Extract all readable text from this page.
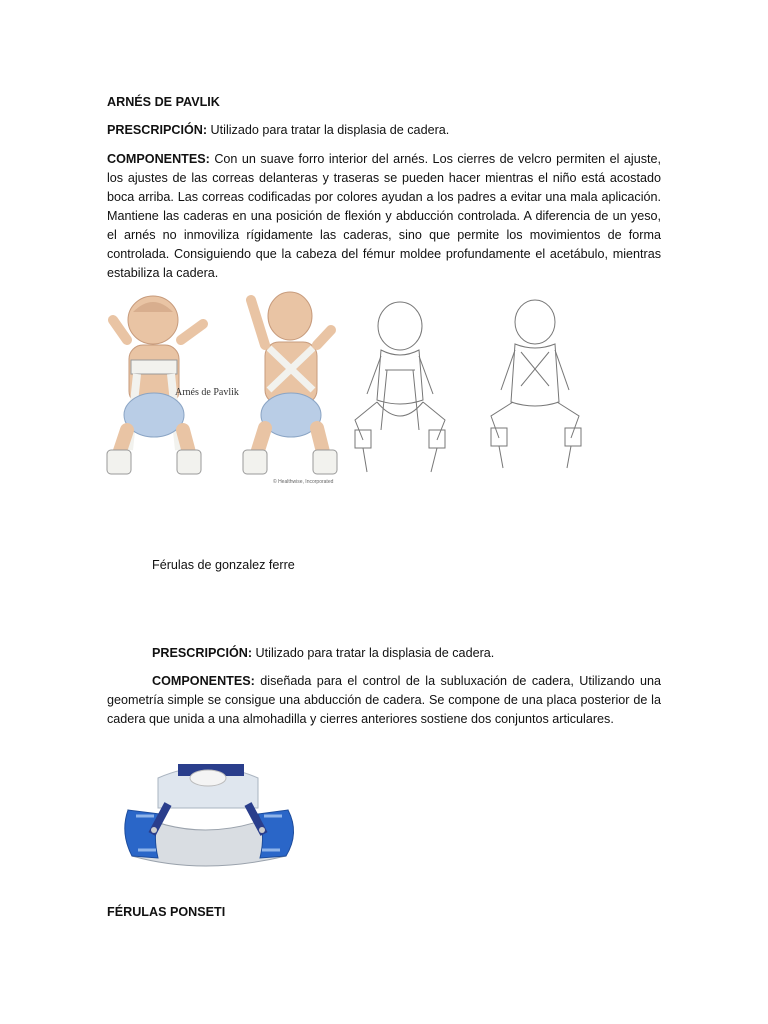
ARNÉS DE PAVLIK
PRESCRIPCIÓN: Utilizado para tratar la displasia de cadera.
COMPONENTES: Con un suave forro interior del arnés. Los cierres de velcro permiten el ajuste, los ajustes de las correas delanteras y traseras se pueden hacer mientras el niño está acostado boca arriba. Las correas codificadas por colores ayudan a los padres a evitar una mala aplicación. Mantiene las caderas en una posición de flexión y abducción controlada. A diferencia de un yeso, el arnés no inmoviliza rígidamente las caderas, sino que permite los movimientos de forma controlada. Consiguiendo que la cabeza del fémur moldee profundamente el acetábulo, mientras estabiliza la cadera.
Arnés de Pavlik
© Healthwise, Incorporated
Férulas de gonzalez ferre
PRESCRIPCIÓN: Utilizado para tratar la displasia de cadera.
COMPONENTES: diseñada para el control de la subluxación de cadera, Utilizando una geometría simple se consigue una abducción de cadera. Se compone de una placa posterior de la cadera que unida a una almohadilla y cierres anteriores sostiene dos conjuntos articulares.
FÉRULAS PONSETI
